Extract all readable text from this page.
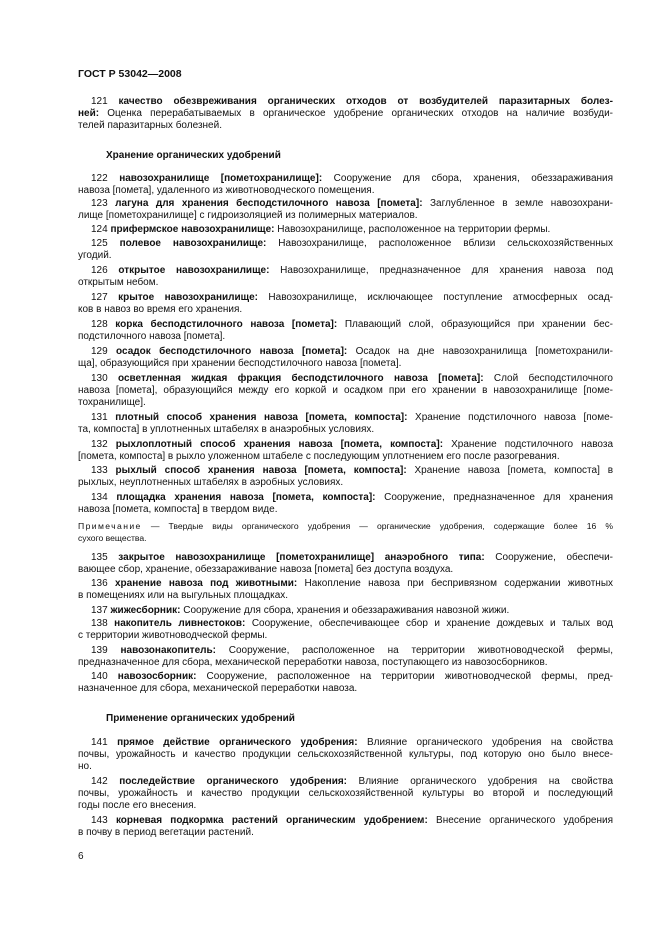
ГОСТ Р 53042—2008
121 качество обезвреживания органических отходов от возбудителей паразитарных болез-
ней: Оценка перерабатываемых в органическое удобрение органических отходов на наличие возбуди-
телей паразитарных болезней.
Хранение органических удобрений
122 навозохранилище [пометохранилище]: Сооружение для сбора, хранения, обеззараживания
навоза [помета], удаленного из животноводческого помещения.
123 лагуна для хранения бесподстилочного навоза [помета]: Заглубленное в земле навозохрани-
лище [пометохранилище] с гидроизоляцией из полимерных материалов.
124 прифермское навозохранилище: Навозохранилище, расположенное на территории фермы.
125 полевое навозохранилище: Навозохранилище, расположенное вблизи сельскохозяйственных
угодий.
126 открытое навозохранилище: Навозохранилище, предназначенное для хранения навоза под
открытым небом.
127 крытое навозохранилище: Навозохранилище, исключающее поступление атмосферных осад-
ков в навоз во время его хранения.
128 корка бесподстилочного навоза [помета]: Плавающий слой, образующийся при хранении бес-
подстилочного навоза [помета].
129 осадок бесподстилочного навоза [помета]: Осадок на дне навозохранилища [пометохранили-
ща], образующийся при хранении бесподстилочного навоза [помета].
130 осветленная жидкая фракция бесподстилочного навоза [помета]: Слой бесподстилочного
навоза [помета], образующийся между его коркой и осадком при его хранении в навозохранилище [поме-
тохранилище].
131 плотный способ хранения навоза [помета, компоста]: Хранение подстилочного навоза [поме-
та, компоста] в уплотненных штабелях в анаэробных условиях.
132 рыхлоплотный способ хранения навоза [помета, компоста]: Хранение подстилочного навоза
[помета, компоста] в рыхло уложенном штабеле с последующим уплотнением его после разогревания.
133 рыхлый способ хранения навоза [помета, компоста]: Хранение навоза [помета, компоста] в
рыхлых, неуплотненных штабелях в аэробных условиях.
134 площадка хранения навоза [помета, компоста]: Сооружение, предназначенное для хранения
навоза [помета, компоста] в твердом виде.
Примечание — Твердые виды органического удобрения — органические удобрения, содержащие более 16 %
сухого вещества.
135 закрытое навозохранилище [пометохранилище] анаэробного типа: Сооружение, обеспечи-
вающее сбор, хранение, обеззараживание навоза [помета] без доступа воздуха.
136 хранение навоза под животными: Накопление навоза при беспривязном содержании животных
в помещениях или на выгульных площадках.
137 жижесборник: Сооружение для сбора, хранения и обеззараживания навозной жижи.
138 накопитель ливнестоков: Сооружение, обеспечивающее сбор и хранение дождевых и талых вод
с территории животноводческой фермы.
139 навозонакопитель: Сооружение, расположенное на территории животноводческой фермы,
предназначенное для сбора, механической переработки навоза, поступающего из навозосборников.
140 навозосборник: Сооружение, расположенное на территории животноводческой фермы, пред-
назначенное для сбора, механической переработки навоза.
Применение органических удобрений
141 прямое действие органического удобрения: Влияние органического удобрения на свойства
почвы, урожайность и качество продукции сельскохозяйственной культуры, под которую оно было внесе-
но.
142 последействие органического удобрения: Влияние органического удобрения на свойства
почвы, урожайность и качество продукции сельскохозяйственной культуры во второй и последующий
годы после его внесения.
143 корневая подкормка растений органическим удобрением: Внесение органического удобрения
в почву в период вегетации растений.
6
